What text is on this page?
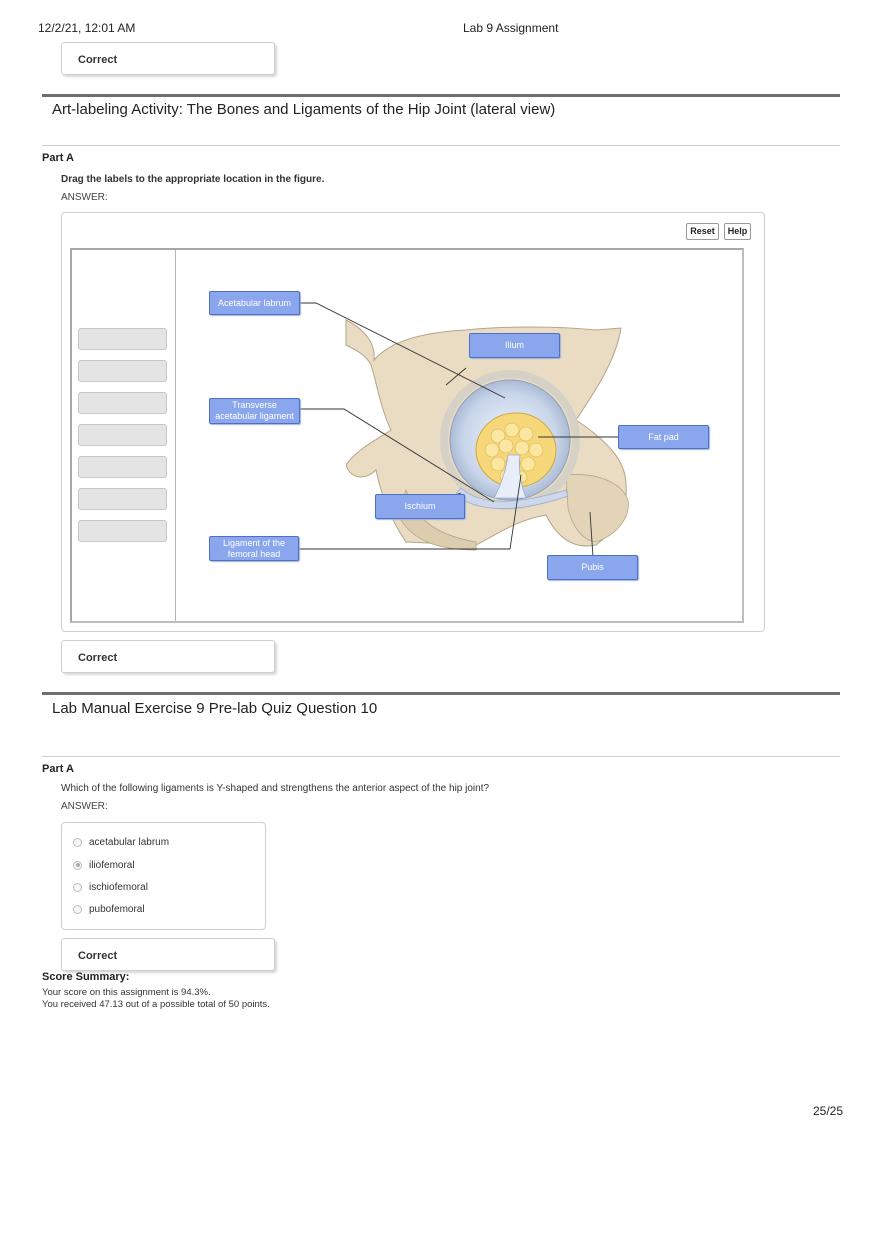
12/2/21, 12:01 AM	Lab 9 Assignment
Correct
Art-labeling Activity: The Bones and Ligaments of the Hip Joint (lateral view)
Part A
Drag the labels to the appropriate location in the figure.
ANSWER:
Reset	Help
Acetabular labrum
Ilium
Transverse acetabular ligament
Fat pad
Ischium
Ligament of the femoral head
Pubis
Correct
Lab Manual Exercise 9 Pre-lab Quiz Question 10
Part A
Which of the following ligaments is Y-shaped and strengthens the anterior aspect of the hip joint?
ANSWER:
acetabular labrum
iliofemoral
ischiofemoral
pubofemoral
Correct
Score Summary:
Your score on this assignment is 94.3%.
You received 47.13 out of a possible total of 50 points.
25/25
